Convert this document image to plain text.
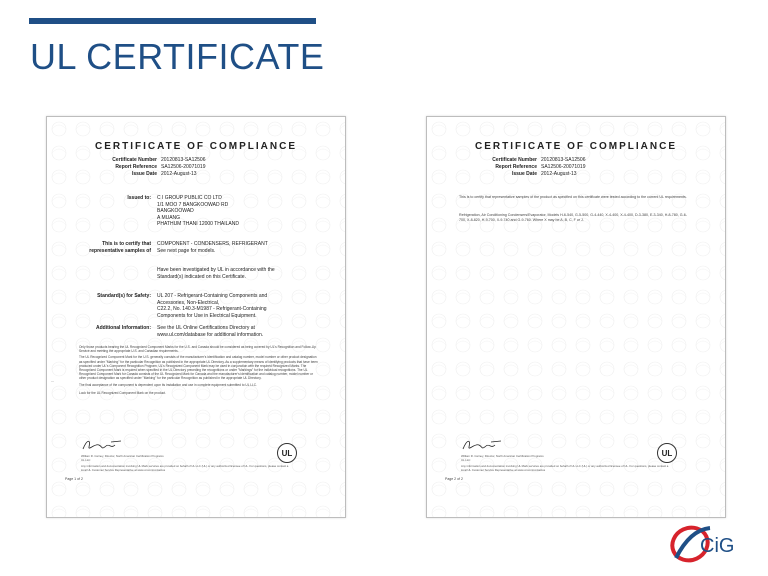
UL CERTIFICATE
CERTIFICATE OF COMPLIANCE
Certificate Number 20120813-SA12506
Report Reference SA12506-20071019
Issue Date 2012-August-13
Issued to: C I GROUP PUBLIC CO LTD
1/1 MOO 7 BANGKOOWAD RD
BANGKOOWAD
A MUANG
PHATHUM THANI 12000 THAILAND
This is to certify that representative samples of
COMPONENT - CONDENSERS, REFRIGERANT
See next page for models.
Have been investigated by UL in accordance with the
Standard(s) indicated on this Certificate.
Standard(s) for Safety: UL 207 - Refrigerant-Containing Components and
Accessories, Non-Electrical,
C22.2, No. 140.3-M1987 - Refrigerant-Containing
Components for Use in Electrical Equipment.
Additional Information: See the UL Online Certifications Directory at
www.ul.com/database for additional information.
Only those products bearing the UL Recognized Component Marks for the U.S. and Canada should be considered as being covered by UL's Recognition and Follow-Up Service and meeting the appropriate U.S. and Canadian requirements.
The UL Recognized Component Mark for the U.S. generally consists of the manufacturer's identification and catalog number, model number or other product designation as specified under "Marking" for the particular Recognition as published in the appropriate UL Directory. As a supplementary means of identifying products that have been produced under UL's Component Recognition Program, UL's Recognized Component Mark may be used in conjunction with the required Recognized Marks. The Recognized Component Mark is required when specified in the UL Directory preceding the recognitions or under "Markings" for the individual recognitions. The UL Recognized Component Mark for Canada consists of the UL Recognized Mark for Canada and the manufacturer's identification and catalog number, model number or other product designation as specified under "Marking" for the particular Recognition as published in the appropriate UL Directory.
The final acceptance of the component is dependent upon its installation and use in complete equipment submitted to UL LLC.
Look for the UL Recognized Component Mark on the product.
William R. Carney, Director, North American Certification Programs
UL LLC
Any information and documentation involving UL Mark services are provided on behalf of UL LLC (UL) or any authorized licensee of UL. For questions, please contact a local UL Customer Service Representative at www.ul.com/contactus
UL
Page 1 of 2
—
CERTIFICATE OF COMPLIANCE
Certificate Number 20120813-SA12506
Report Reference SA12506-20071019
Issue Date 2012-August-13
This is to certify that representative samples of the product as specified on this certificate were tested according to the current UL requirements.
Refrigeration, Air Conditioning Condensers/Evaporator, Models H-6-540, G-5-500, G-4-440, X-4-400, X-4-400, D-3-380, E-3-340, H-8-780, G-6-700, X-8-820, H-9-700, X-9-740 and G-9-760. Where X may be A, B, C, F or J.
William R. Carney, Director, North American Certification Programs
UL LLC
Any information and documentation involving UL Mark services are provided on behalf of UL LLC (UL) or any authorized licensee of UL. For questions, please contact a local UL Customer Service Representative at www.ul.com/contactus
UL
Page 2 of 2
CiG
